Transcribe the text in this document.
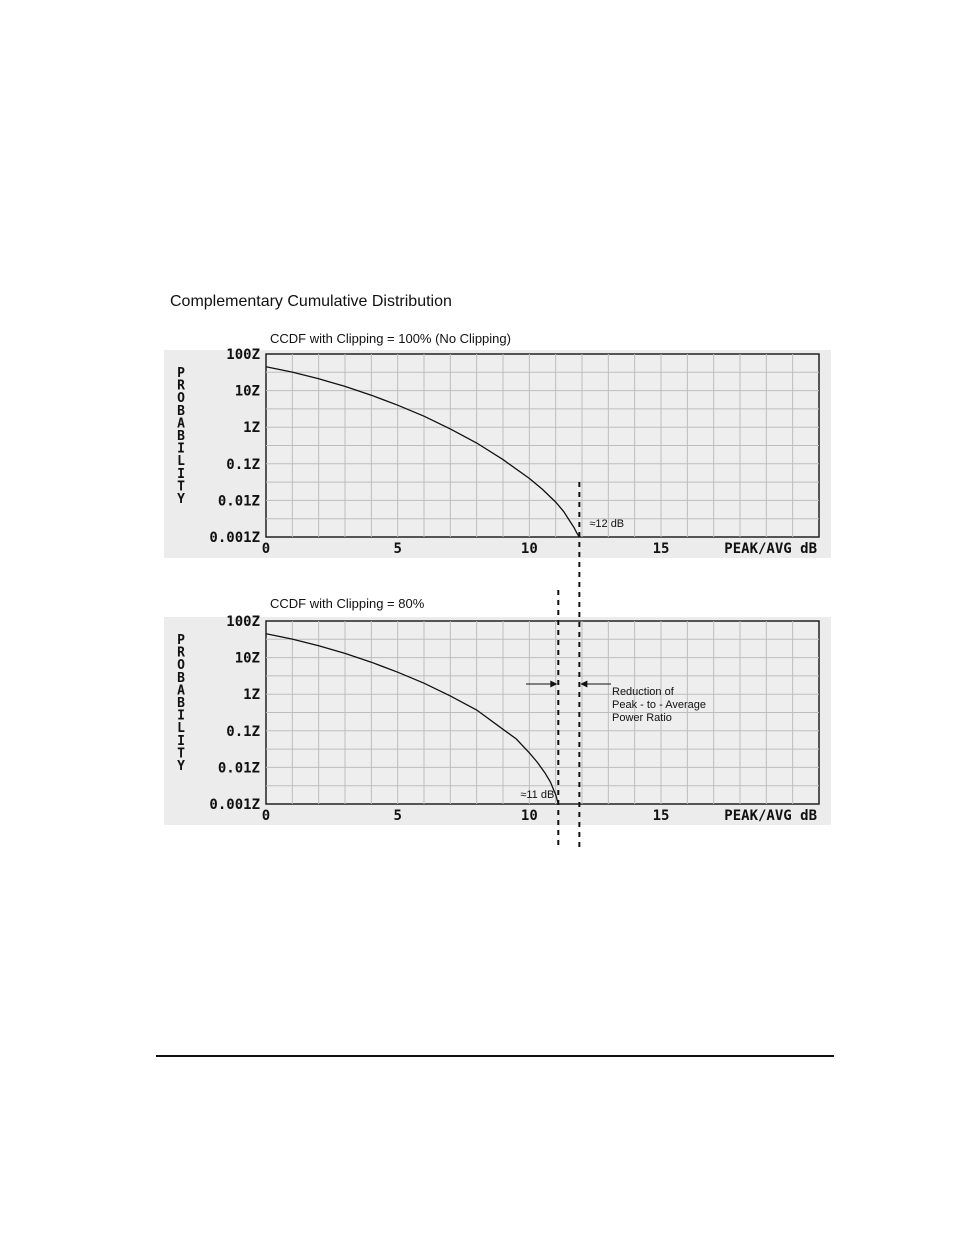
Complementary Cumulative Distribution
CCDF with Clipping = 100% (No Clipping)
100Z
10Z
1Z
0.1Z
0.01Z
0.001Z
0	5	10	15	PEAK/AVG dB
P
R
O
B
A
B
I
L
I
T
Y
CCDF with Clipping = 80%
100Z
10Z
1Z
0.1Z
0.01Z
0.001Z
0	5	10	15	PEAK/AVG dB
P
R
O
B
A
B
I
L
I
T
Y
≈12 dB
≈11 dB
Reduction of
Peak - to - Average
Power Ratio
